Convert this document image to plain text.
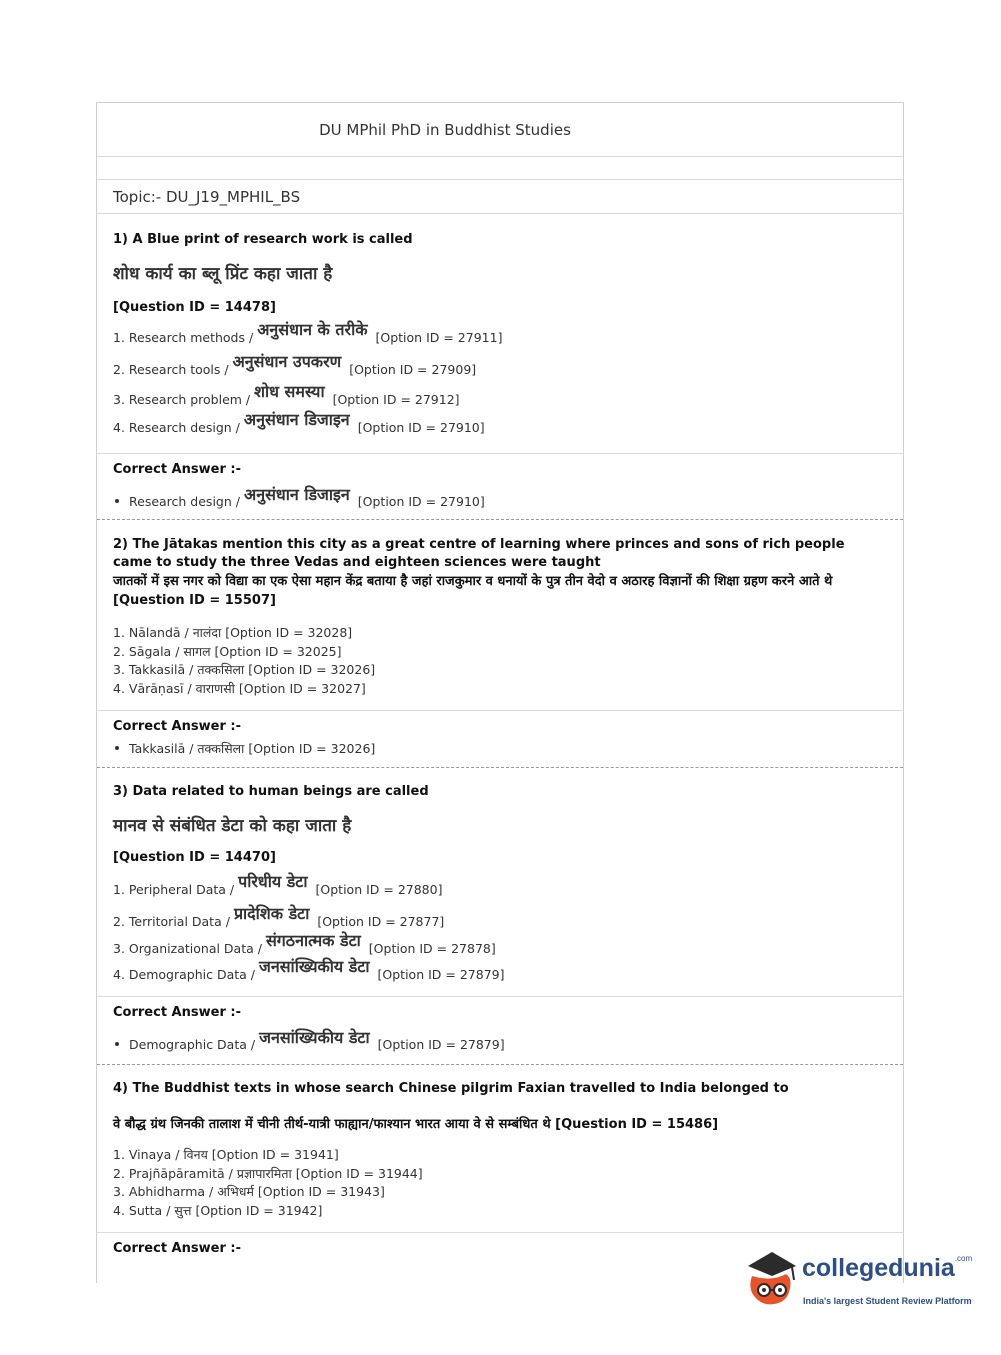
DU MPhil PhD in Buddhist Studies
Topic:- DU_J19_MPHIL_BS
1) A Blue print of research work is called
शोध कार्य का ब्लू प्रिंट कहा जाता है
[Question ID = 14478]
1. Research methods / अनुसंधान के तरीके [Option ID = 27911]
2. Research tools / अनुसंधान उपकरण [Option ID = 27909]
3. Research problem / शोध समस्या [Option ID = 27912]
4. Research design / अनुसंधान डिजाइन [Option ID = 27910]
Correct Answer :-
Research design / अनुसंधान डिजाइन [Option ID = 27910]
2) The Jātakas mention this city as a great centre of learning where princes and sons of rich people came to study the three Vedas and eighteen sciences were taught
जातकों में इस नगर को विद्या का एक ऐसा महान केंद्र बताया है जहां राजकुमार व धनायों के पुत्र तीन वेदो व अठारह विज्ञानों की शिक्षा ग्रहण करने आते थे [Question ID = 15507]
1. Nālandā / नालंदा [Option ID = 32028]
2. Sāgala / सागल [Option ID = 32025]
3. Takkasilā / तक्कसिला [Option ID = 32026]
4. Vārāṇasī / वाराणसी [Option ID = 32027]
Correct Answer :-
Takkasilā / तक्कसिला [Option ID = 32026]
3) Data related to human beings are called
मानव से संबंधित डेटा को कहा जाता है
[Question ID = 14470]
1. Peripheral Data / परिधीय डेटा [Option ID = 27880]
2. Territorial Data / प्रादेशिक डेटा [Option ID = 27877]
3. Organizational Data / संगठनात्मक डेटा [Option ID = 27878]
4. Demographic Data / जनसांख्यिकीय डेटा [Option ID = 27879]
Correct Answer :-
Demographic Data / जनसांख्यिकीय डेटा [Option ID = 27879]
4) The Buddhist texts in whose search Chinese pilgrim Faxian travelled to India belonged to
वे बौद्ध ग्रंथ जिनकी तालाश में चीनी तीर्थ-यात्री फाह्यान/फाश्यान भारत आया वे से सम्बंधित थे [Question ID = 15486]
1. Vinaya / विनय [Option ID = 31941]
2. Prajñāpāramitā / प्रज्ञापारमिता [Option ID = 31944]
3. Abhidharma / अभिधर्म [Option ID = 31943]
4. Sutta / सुत्त [Option ID = 31942]
Correct Answer :-
collegedunia$^{.com}$
India's largest Student Review Platform
